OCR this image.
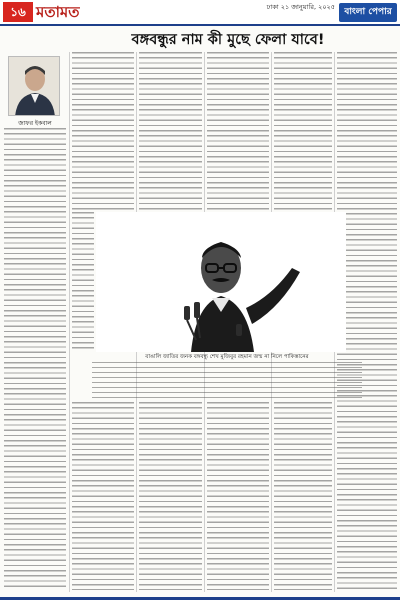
১৬ মতামত	ঢাকা ২১ জানুয়ারি, ২০২৫	বাংলা পেপার
বঙ্গবন্ধুর নাম কী মুছে ফেলা যাবে!
জাফর ইকবাল
বাঙালি জাতির জনক বঙ্গবন্ধু শেখ মুজিবুর রহমান জন্ম না নিলে পাকিস্তানের
